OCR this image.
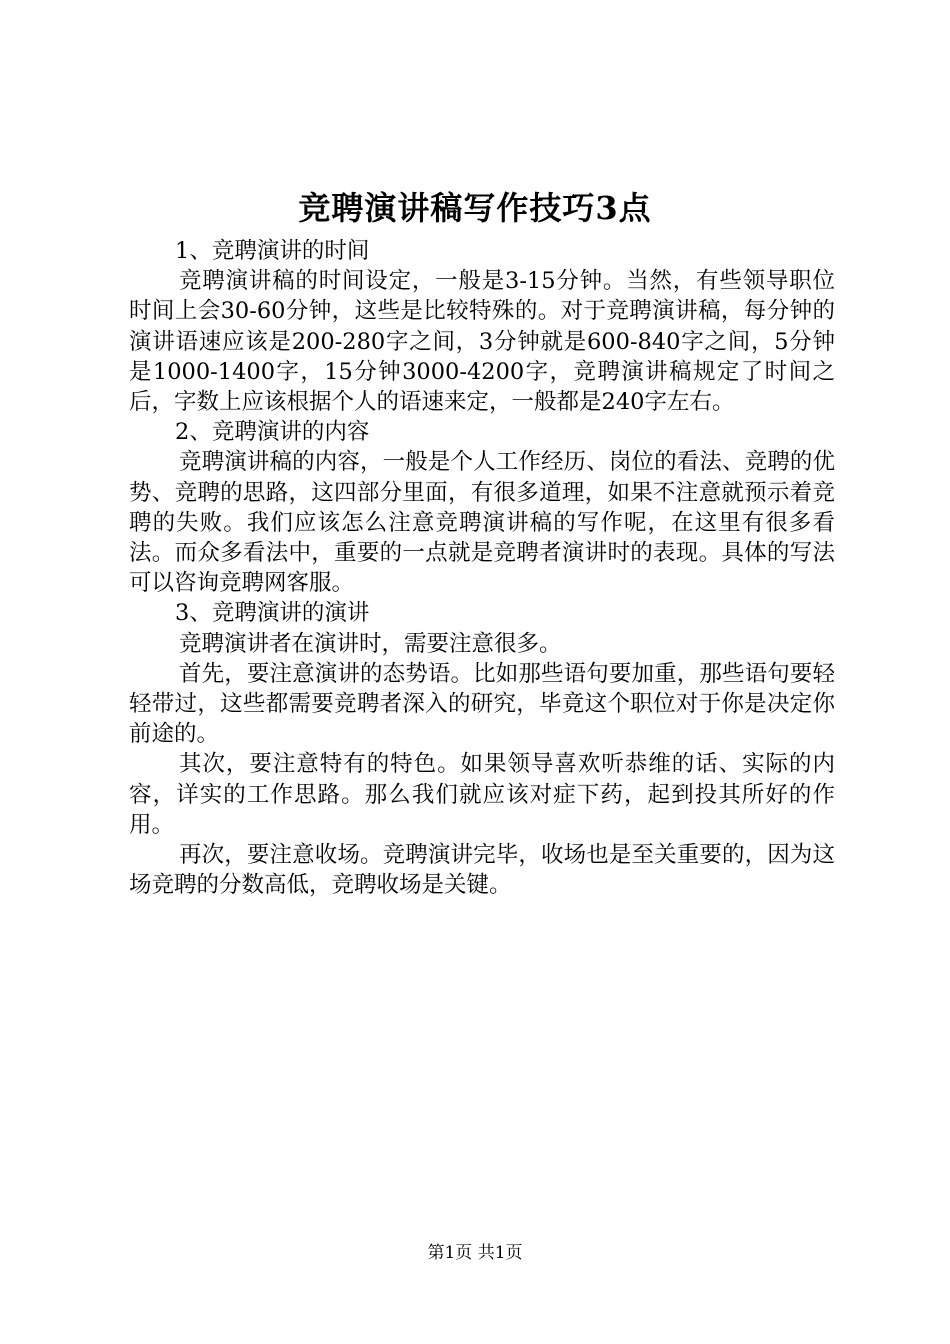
竞聘演讲稿写作技巧3点

1、竞聘演讲的时间

竞聘演讲稿的时间设定，一般是3-15分钟。当然，有些领导职位时间上会30-60分钟，这些是比较特殊的。对于竞聘演讲稿，每分钟的演讲语速应该是200-280字之间，3分钟就是600-840字之间，5分钟是1000-1400字，15分钟3000-4200字，竞聘演讲稿规定了时间之后，字数上应该根据个人的语速来定，一般都是240字左右。

2、竞聘演讲的内容

竞聘演讲稿的内容，一般是个人工作经历、岗位的看法、竞聘的优势、竞聘的思路，这四部分里面，有很多道理，如果不注意就预示着竞聘的失败。我们应该怎么注意竞聘演讲稿的写作呢，在这里有很多看法。而众多看法中，重要的一点就是竞聘者演讲时的表现。具体的写法可以咨询竞聘网客服。

3、竞聘演讲的演讲

竞聘演讲者在演讲时，需要注意很多。

首先，要注意演讲的态势语。比如那些语句要加重，那些语句要轻轻带过，这些都需要竞聘者深入的研究，毕竟这个职位对于你是决定你前途的。

其次，要注意特有的特色。如果领导喜欢听恭维的话、实际的内容，详实的工作思路。那么我们就应该对症下药，起到投其所好的作用。

再次，要注意收场。竞聘演讲完毕，收场也是至关重要的，因为这场竞聘的分数高低，竞聘收场是关键。

第1页 共1页
